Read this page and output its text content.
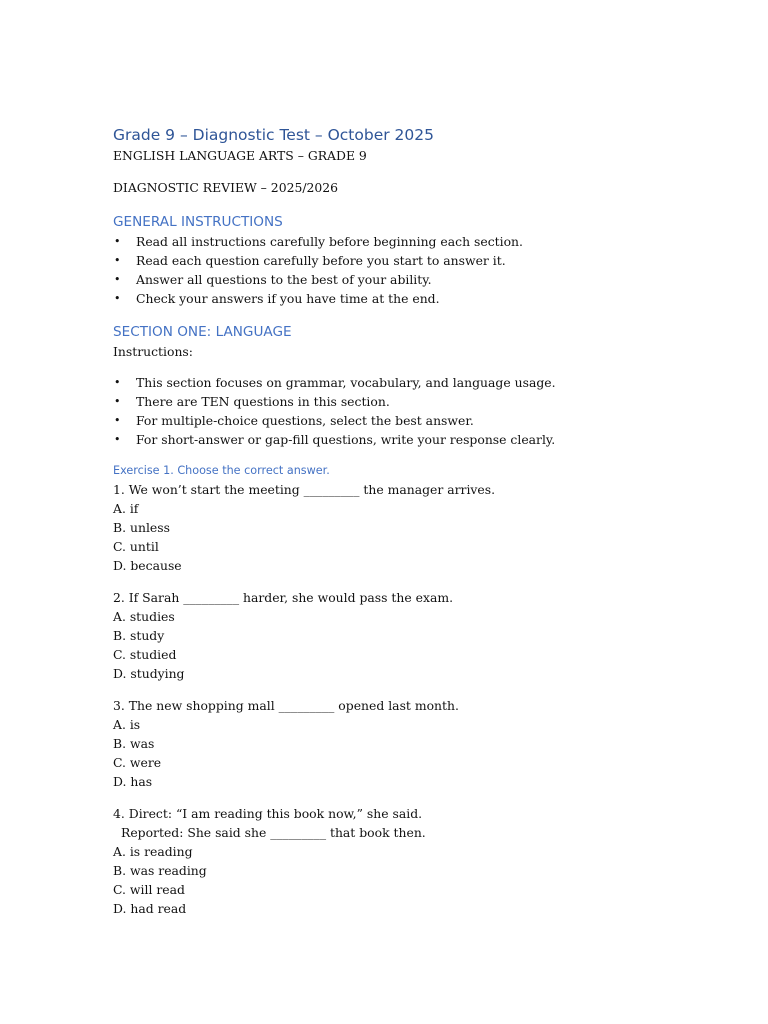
Grade 9 – Diagnostic Test – October 2025

ENGLISH LANGUAGE ARTS – GRADE 9

DIAGNOSTIC REVIEW – 2025/2026

GENERAL INSTRUCTIONS
• Read all instructions carefully before beginning each section.
• Read each question carefully before you start to answer it.
• Answer all questions to the best of your ability.
• Check your answers if you have time at the end.
SECTION ONE: LANGUAGE

Instructions:

• This section focuses on grammar, vocabulary, and language usage.
• There are TEN questions in this section.
• For multiple-choice questions, select the best answer.
• For short-answer or gap-fill questions, write your response clearly.

Exercise 1. Choose the correct answer.

1. We won’t start the meeting _________ the manager arrives.

A. if

B. unless

C. until

D. because

2. If Sarah _________ harder, she would pass the exam.

A. studies

B. study

C. studied

D. studying

3. The new shopping mall _________ opened last month.

A. is

B. was

C. were

D. has

4. Direct: “I am reading this book now,” she said.

Reported: She said she _________ that book then.

A. is reading

B. was reading

C. will read

D. had read
